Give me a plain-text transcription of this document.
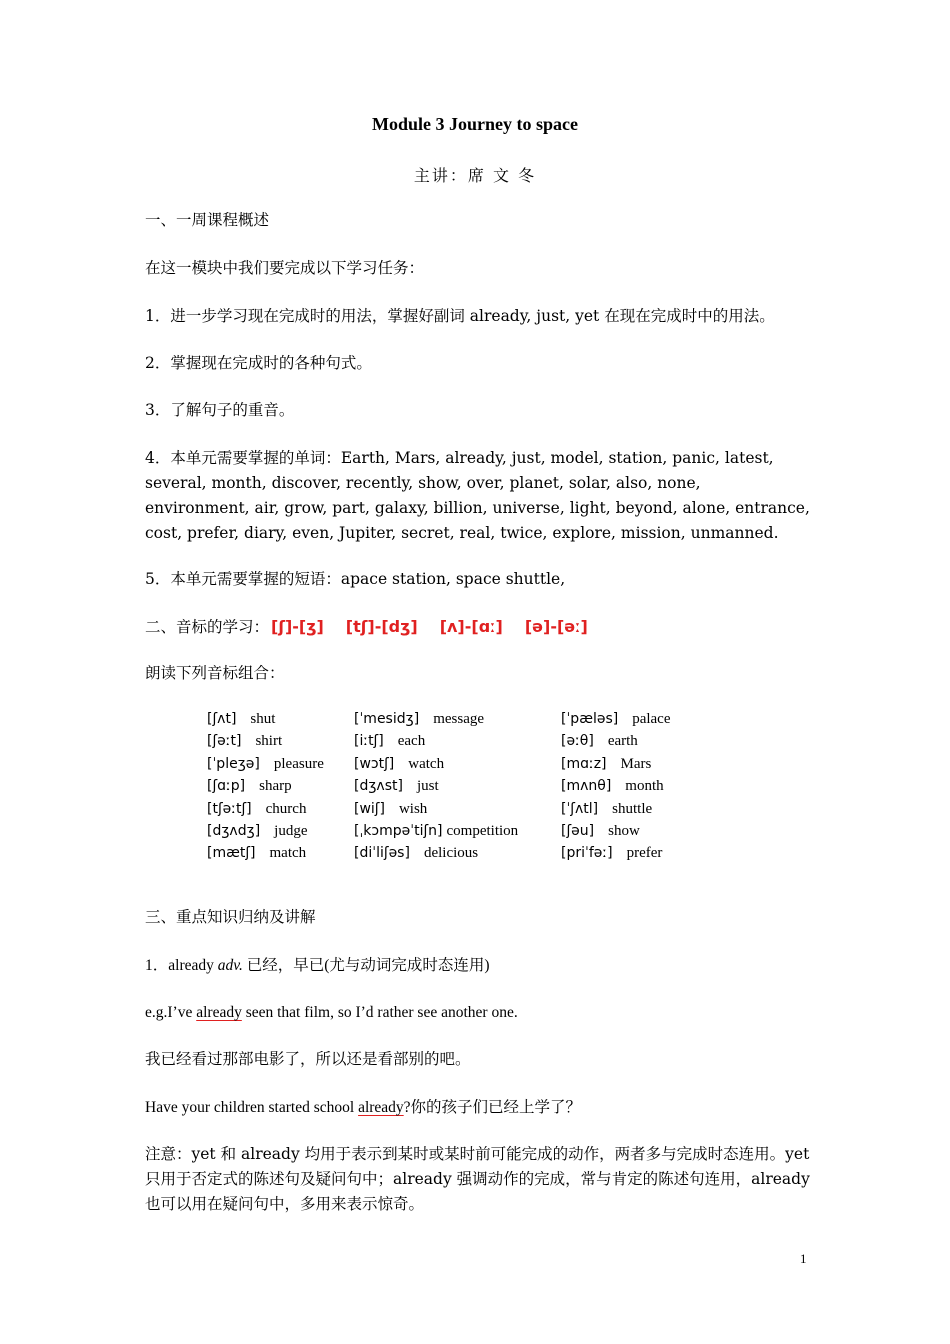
Module 3 Journey to space
主讲：席 文 冬
一、一周课程概述
在这一模块中我们要完成以下学习任务：
1．进一步学习现在完成时的用法，掌握好副词 already, just, yet 在现在完成时中的用法。
2．掌握现在完成时的各种句式。
3．了解句子的重音。
4．本单元需要掌握的单词：Earth, Mars, already, just, model, station, panic, latest, several, month, discover, recently, show, over, planet, solar, also, none, environment, air, grow, part, galaxy, billion, universe, light, beyond, alone, entrance, cost, prefer, diary, even, Jupiter, secret, real, twice, explore, mission, unmanned.
5．本单元需要掌握的短语：apace station, space shuttle,
二、音标的学习： [ʃ]-[ʒ] [tʃ]-[dʒ] [ʌ]-[ɑː] [ə]-[əː]
朗读下列音标组合：
[ʃʌt] shut	[ˈmesidʒ] message	[ˈpæləs] palace
[ʃəːt] shirt	[iːtʃ] each	[əːθ] earth
[ˈpleʒə] pleasure [wɔtʃ] watch	[mɑːz] Mars
[ʃɑːp] sharp	[dʒʌst] just	[mʌnθ] month
[tʃəːtʃ] church	[wiʃ] wish	[ˈʃʌtl] shuttle
[dʒʌdʒ] judge	[ˌkɔmpəˈtiʃn] competition	[ʃəu] show
[mætʃ] match	[diˈliʃəs] delicious	[priˈfəː] prefer
三、重点知识归纳及讲解
1．already adv. 已经，早已(尤与动词完成时态连用)
e.g.I’ve already seen that film, so I’d rather see another one.
我已经看过那部电影了，所以还是看部别的吧。
Have your children started school already?你的孩子们已经上学了？
注意：yet 和 already 均用于表示到某时或某时前可能完成的动作，两者多与完成时态连用。yet 只用于否定式的陈述句及疑问句中；already 强调动作的完成，常与肯定的陈述句连用，already 也可以用在疑问句中，多用来表示惊奇。
1
